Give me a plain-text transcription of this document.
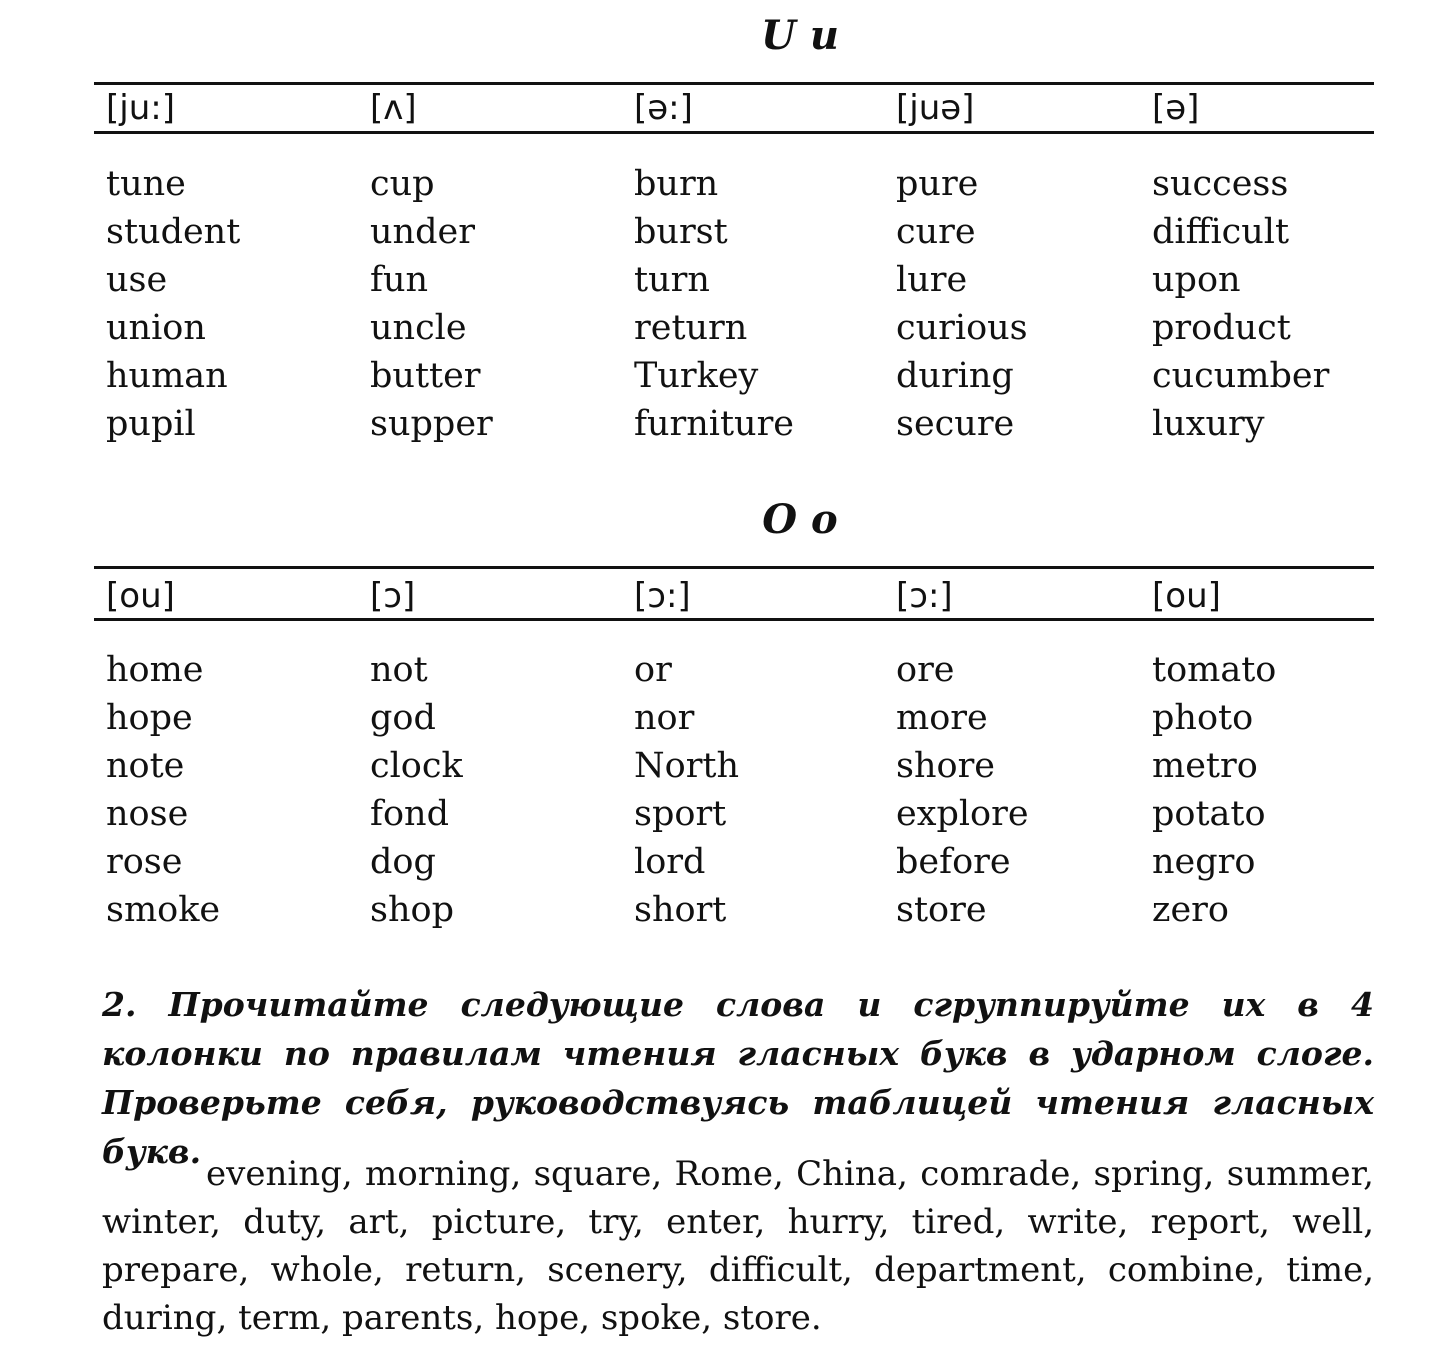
U u
[ju:]	[ʌ]	[ə:]	[juə]	[ə]
tune	cup	burn	pure	success
student	under	burst	cure	difficult
use	fun	turn	lure	upon
union	uncle	return	curious	product
human	butter	Turkey	during	cucumber
pupil	supper	furniture	secure	luxury
O o
[ou]	[ɔ]	[ɔ:]	[ɔ:]	[ou]
home	not	or	ore	tomato
hope	god	nor	more	photo
note	clock	North	shore	metro
nose	fond	sport	explore	potato
rose	dog	lord	before	negro
smoke	shop	short	store	zero

2. Прочитайте следующие слова и сгруппируйте их в 4 колонки по правилам чтения гласных букв в ударном слоге. Проверьте себя, руководствуясь таблицей чтения гласных букв.

evening, morning, square, Rome, China, comrade, spring, summer, winter, duty, art, picture, try, enter, hurry, tired, write, report, well, prepare, whole, return, scenery, difficult, department, combine, time, during, term, parents, hope, spoke, store.
